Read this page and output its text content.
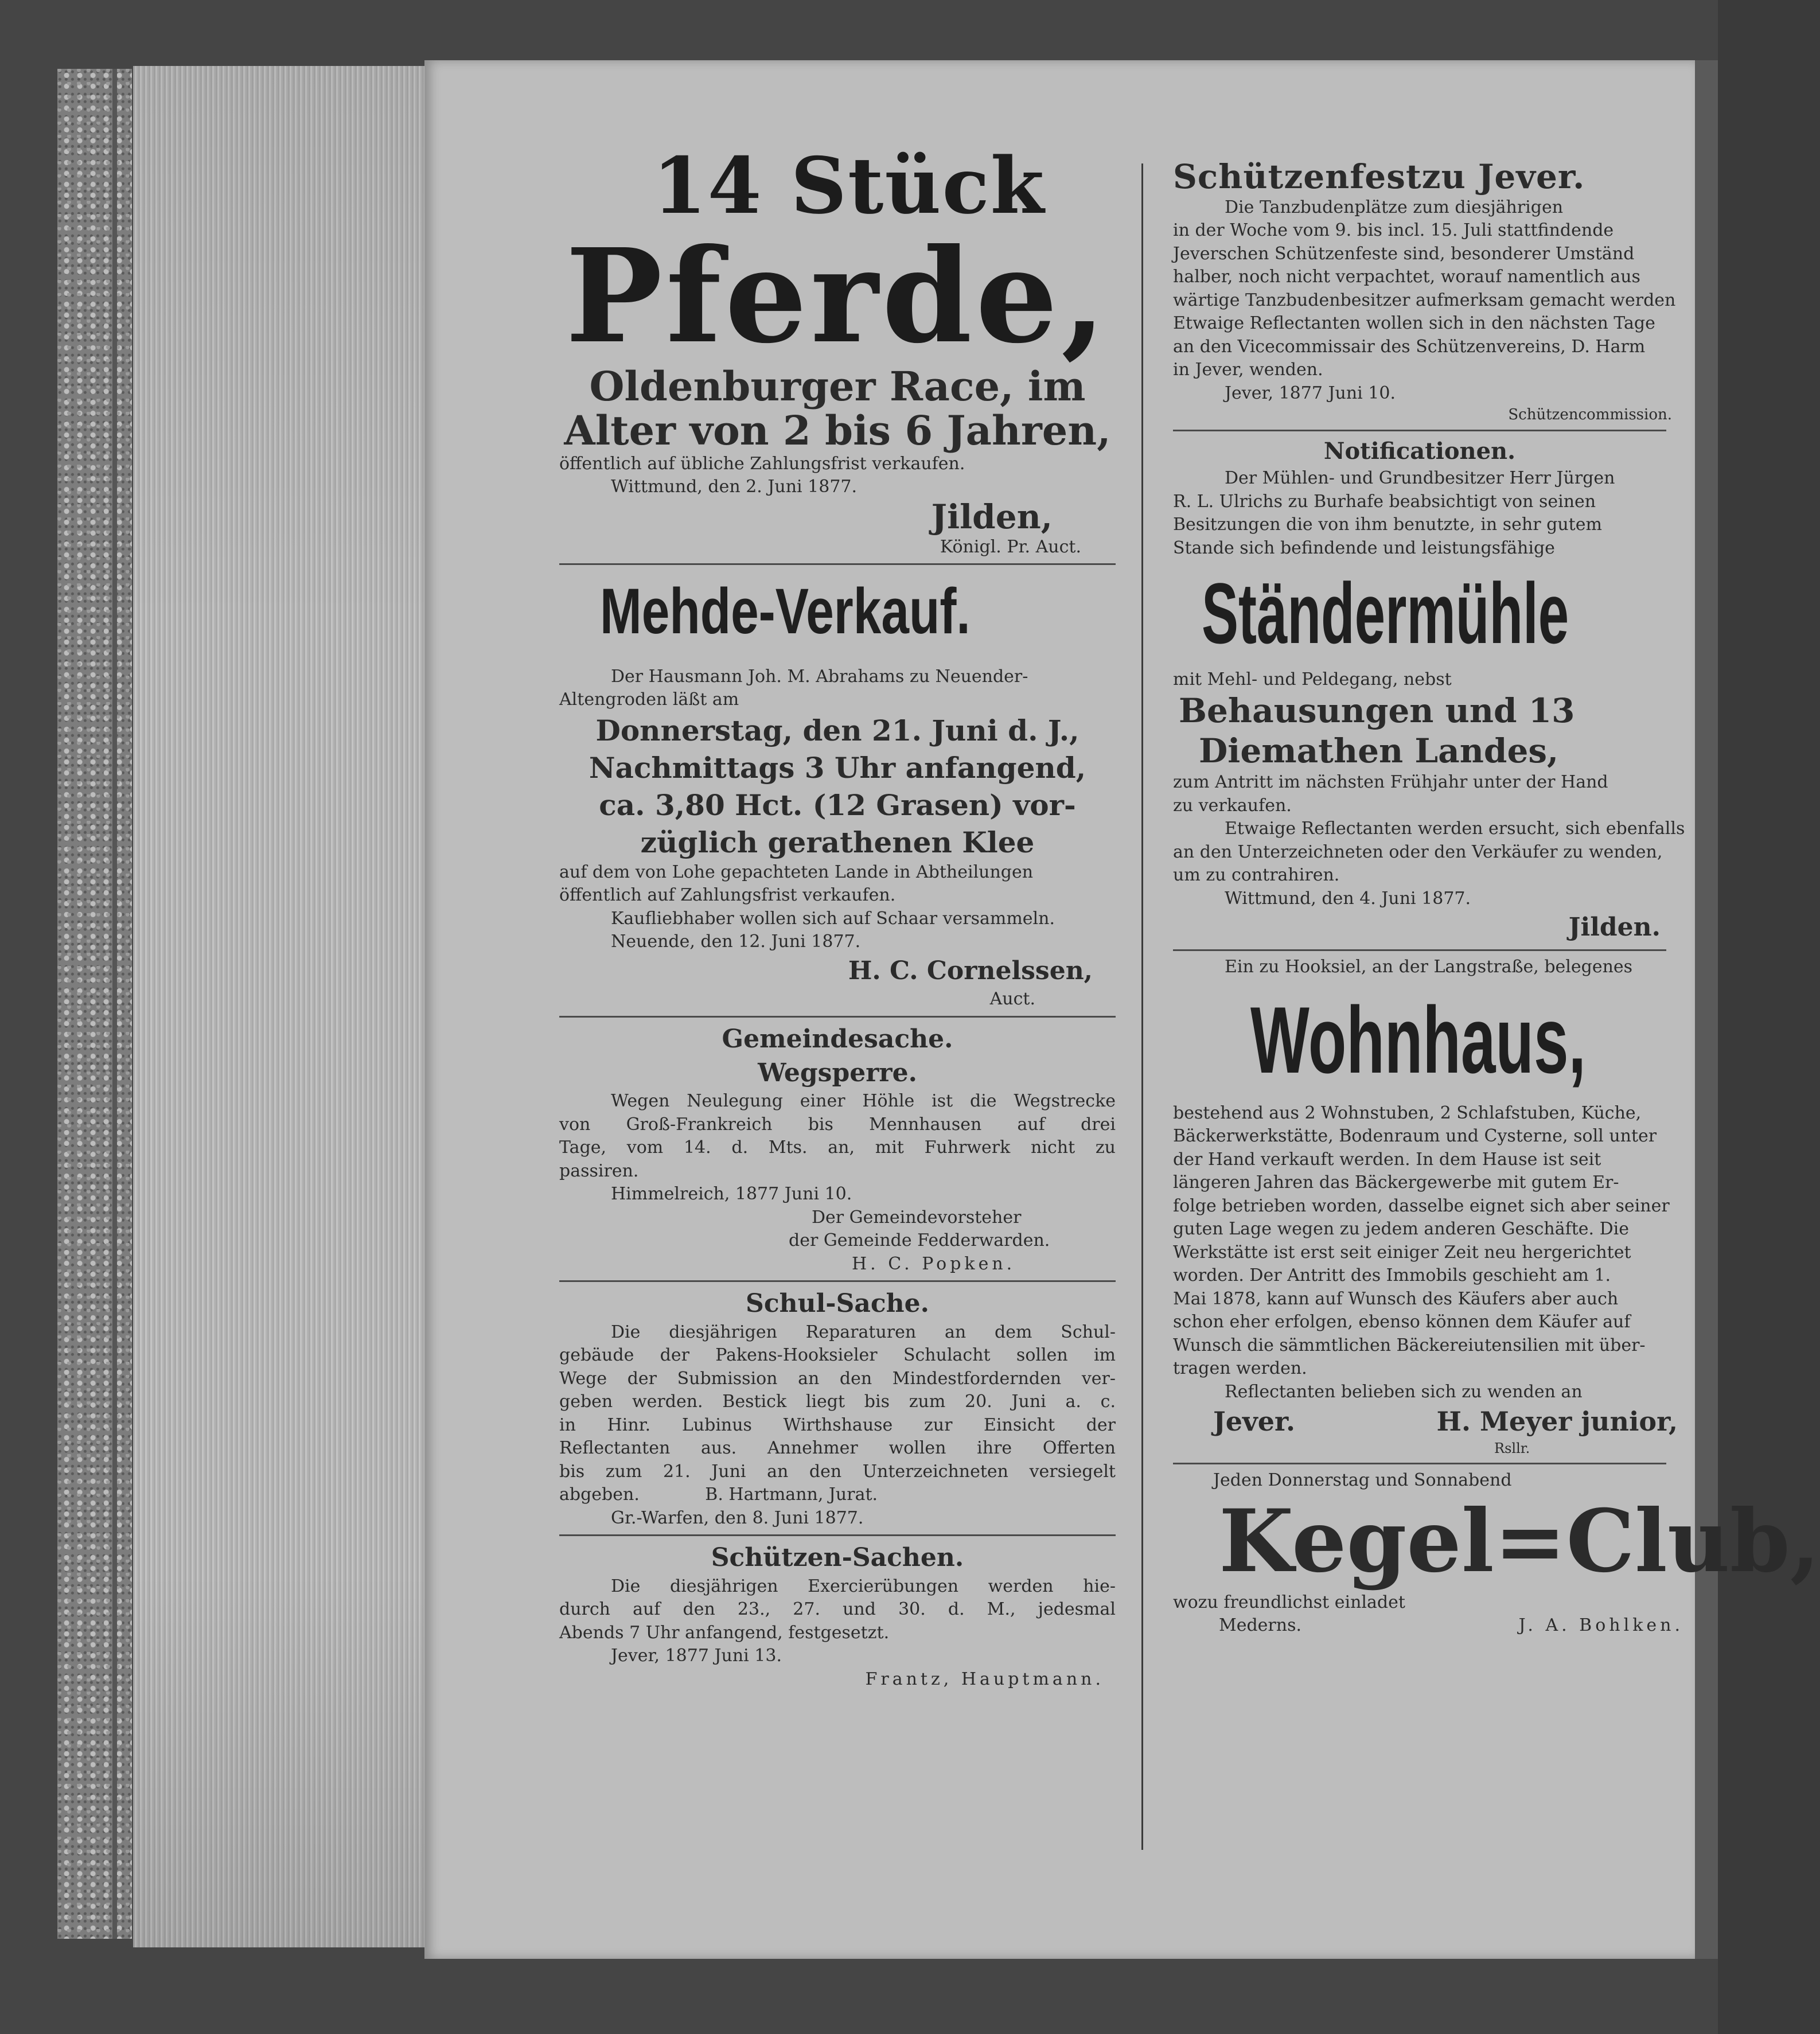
14 Stück
Pferde,
Oldenburger Race, im
Alter von 2 bis 6 Jahren,
öffentlich auf übliche Zahlungsfrist verkaufen.
Wittmund, den 2. Juni 1877.
Jilden,
Königl. Pr. Auct.
Mehde-Verkauf.
Der Hausmann Joh. M. Abrahams zu Neuender-
Altengroden läßt am
Donnerstag, den 21. Juni d. J.,
Nachmittags 3 Uhr anfangend,
ca. 3,80 Hct. (12 Grasen) vor-
züglich gerathenen Klee
auf dem von Lohe gepachteten Lande in Abtheilungen
öffentlich auf Zahlungsfrist verkaufen.
Kaufliebhaber wollen sich auf Schaar versammeln.
Neuende, den 12. Juni 1877.
H. C. Cornelssen,
Auct.
Gemeindesache.
Wegsperre.
Wegen Neulegung einer Höhle ist die Wegstrecke
von Groß-Frankreich bis Mennhausen auf drei
Tage, vom 14. d. Mts. an, mit Fuhrwerk nicht zu
passiren.
Himmelreich, 1877 Juni 10.
Der Gemeindevorsteher
der Gemeinde Fedderwarden.
H. C. Popken.
Schul-Sache.
Die diesjährigen Reparaturen an dem Schul-
gebäude der Pakens-Hooksieler Schulacht sollen im
Wege der Submission an den Mindestfordernden ver-
geben werden. Bestick liegt bis zum 20. Juni a. c.
in Hinr. Lubinus Wirthshause zur Einsicht der
Reflectanten aus. Annehmer wollen ihre Offerten
bis zum 21. Juni an den Unterzeichneten versiegelt
abgeben.            B. Hartmann, Jurat.
Gr.-Warfen, den 8. Juni 1877.
Schützen-Sachen.
Die diesjährigen Exercierübungen werden hie-
durch auf den 23., 27. und 30. d. M., jedesmal
Abends 7 Uhr anfangend, festgesetzt.
Jever, 1877 Juni 13.
Frantz, Hauptmann.
Schützenfestzu Jever.
Die Tanzbudenplätze zum diesjährigen
in der Woche vom 9. bis incl. 15. Juli stattfindende
Jeverschen Schützenfeste sind, besonderer Umständ
halber, noch nicht verpachtet, worauf namentlich aus
wärtige Tanzbudenbesitzer aufmerksam gemacht werden
Etwaige Reflectanten wollen sich in den nächsten Tage
an den Vicecommissair des Schützenvereins, D. Harm
in Jever, wenden.
Jever, 1877 Juni 10.
Schützencommission.
Notificationen.
Der Mühlen- und Grundbesitzer Herr Jürgen
R. L. Ulrichs zu Burhafe beabsichtigt von seinen
Besitzungen die von ihm benutzte, in sehr gutem
Stande sich befindende und leistungsfähige
Ständermühle
mit Mehl- und Peldegang, nebst
Behausungen und 13
Diemathen Landes,
zum Antritt im nächsten Frühjahr unter der Hand
zu verkaufen.
Etwaige Reflectanten werden ersucht, sich ebenfalls
an den Unterzeichneten oder den Verkäufer zu wenden,
um zu contrahiren.
Wittmund, den 4. Juni 1877.
Jilden.
Ein zu Hooksiel, an der Langstraße, belegenes
Wohnhaus,
bestehend aus 2 Wohnstuben, 2 Schlafstuben, Küche,
Bäckerwerkstätte, Bodenraum und Cysterne, soll unter
der Hand verkauft werden. In dem Hause ist seit
längeren Jahren das Bäckergewerbe mit gutem Er-
folge betrieben worden, dasselbe eignet sich aber seiner
guten Lage wegen zu jedem anderen Geschäfte. Die
Werkstätte ist erst seit einiger Zeit neu hergerichtet
worden. Der Antritt des Immobils geschieht am 1.
Mai 1878, kann auf Wunsch des Käufers aber auch
schon eher erfolgen, ebenso können dem Käufer auf
Wunsch die sämmtlichen Bäckereiutensilien mit über-
tragen werden.
Reflectanten belieben sich zu wenden an
Jever.	H. Meyer junior,
Rsllr.
Jeden Donnerstag und Sonnabend
Kegel=Club,
wozu freundlichst einladet
Mederns.	J. A. Bohlken.
